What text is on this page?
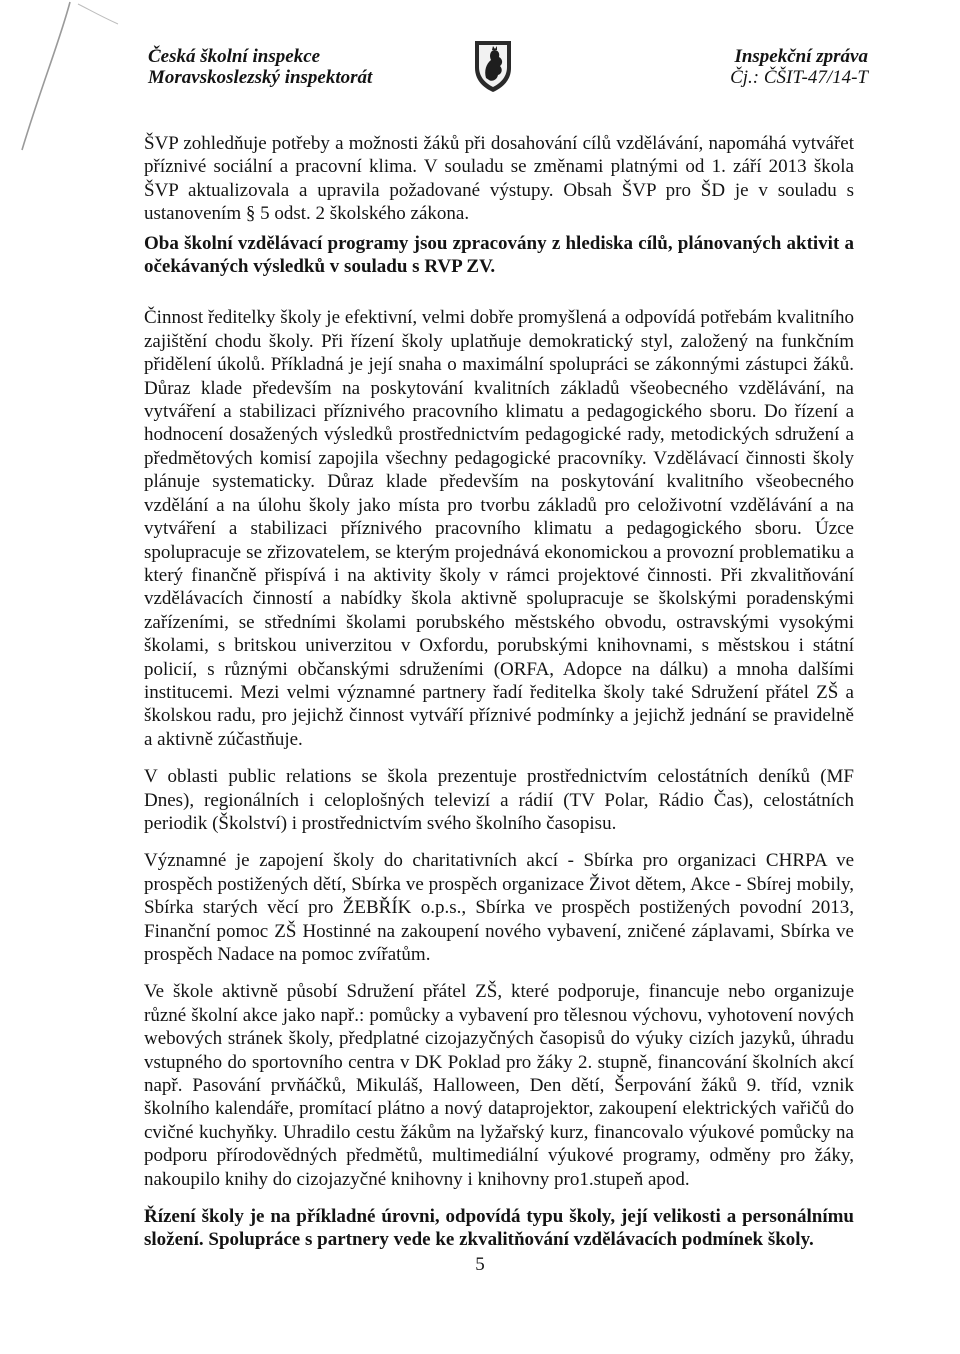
Česká školní inspekce
Moravskoslezský inspektorát
Inspekční zpráva
Čj.: ČŠIT-47/14-T

ŠVP zohledňuje potřeby a možnosti žáků při dosahování cílů vzdělávání, napomáhá vytvářet příznivé sociální a pracovní klima. V souladu se změnami platnými od 1. září 2013 škola ŠVP aktualizovala a upravila požadované výstupy. Obsah ŠVP pro ŠD je v souladu s ustanovením § 5 odst. 2 školského zákona.

Oba školní vzdělávací programy jsou zpracovány z hlediska cílů, plánovaných aktivit a očekávaných výsledků v souladu s RVP ZV.

Činnost ředitelky školy je efektivní, velmi dobře promyšlená a odpovídá potřebám kvalitního zajištění chodu školy. Při řízení školy uplatňuje demokratický styl, založený na funkčním přidělení úkolů. Příkladná je její snaha o maximální spolupráci se zákonnými zástupci žáků. Důraz klade především na poskytování kvalitních základů všeobecného vzdělávání, na vytváření a stabilizaci příznivého pracovního klimatu a pedagogického sboru. Do řízení a hodnocení dosažených výsledků prostřednictvím pedagogické rady, metodických sdružení a předmětových komisí zapojila všechny pedagogické pracovníky. Vzdělávací činnosti školy plánuje systematicky. Důraz klade především na poskytování kvalitního všeobecného vzdělání a na úlohu školy jako místa pro tvorbu základů pro celoživotní vzdělávání a na vytváření a stabilizaci příznivého pracovního klimatu a pedagogického sboru. Úzce spolupracuje se zřizovatelem, se kterým projednává ekonomickou a provozní problematiku a který finančně přispívá i na aktivity školy v rámci projektové činnosti. Při zkvalitňování vzdělávacích činností a nabídky škola aktivně spolupracuje se školskými poradenskými zařízeními, se středními školami porubského městského obvodu, ostravskými vysokými školami, s britskou univerzitou v Oxfordu, porubskými knihovnami, s městskou i státní policií, s různými občanskými sdruženími (ORFA, Adopce na dálku) a mnoha dalšími institucemi. Mezi velmi významné partnery řadí ředitelka školy také Sdružení přátel ZŠ a školskou radu, pro jejichž činnost vytváří příznivé podmínky a jejichž jednání se pravidelně a aktivně zúčastňuje.

V oblasti public relations se škola prezentuje prostřednictvím celostátních deníků (MF Dnes), regionálních i celoplošných televizí a rádií (TV Polar, Rádio Čas), celostátních periodik (Školství) i prostřednictvím svého školního časopisu.

Významné je zapojení školy do charitativních akcí - Sbírka pro organizaci CHRPA ve prospěch postižených dětí, Sbírka ve prospěch organizace Život dětem, Akce - Sbírej mobily, Sbírka starých věcí pro ŽEBŘÍK o.p.s., Sbírka ve prospěch postižených povodní 2013, Finanční pomoc ZŠ Hostinné na zakoupení nového vybavení, zničené záplavami, Sbírka ve prospěch Nadace na pomoc zvířatům.

Ve škole aktivně působí Sdružení přátel ZŠ, které podporuje, financuje nebo organizuje různé školní akce jako např.: pomůcky a vybavení pro tělesnou výchovu, vyhotovení nových webových stránek školy, předplatné cizojazyčných časopisů do výuky cizích jazyků, úhradu vstupného do sportovního centra v DK Poklad pro žáky 2. stupně, financování školních akcí např. Pasování prvňáčků, Mikuláš, Halloween, Den dětí, Šerpování žáků 9. tříd, vznik školního kalendáře, promítací plátno a nový dataprojektor, zakoupení elektrických vařičů do cvičné kuchyňky. Uhradilo cestu žákům na lyžařský kurz, financovalo výukové pomůcky na podporu přírodovědných předmětů, multimediální výukové programy, odměny pro žáky, nakoupilo knihy do cizojazyčné knihovny i knihovny pro1.stupeň apod.

Řízení školy je na příkladné úrovni, odpovídá typu školy, její velikosti a personálnímu složení. Spolupráce s partnery vede ke zkvalitňování vzdělávacích podmínek školy.

5
